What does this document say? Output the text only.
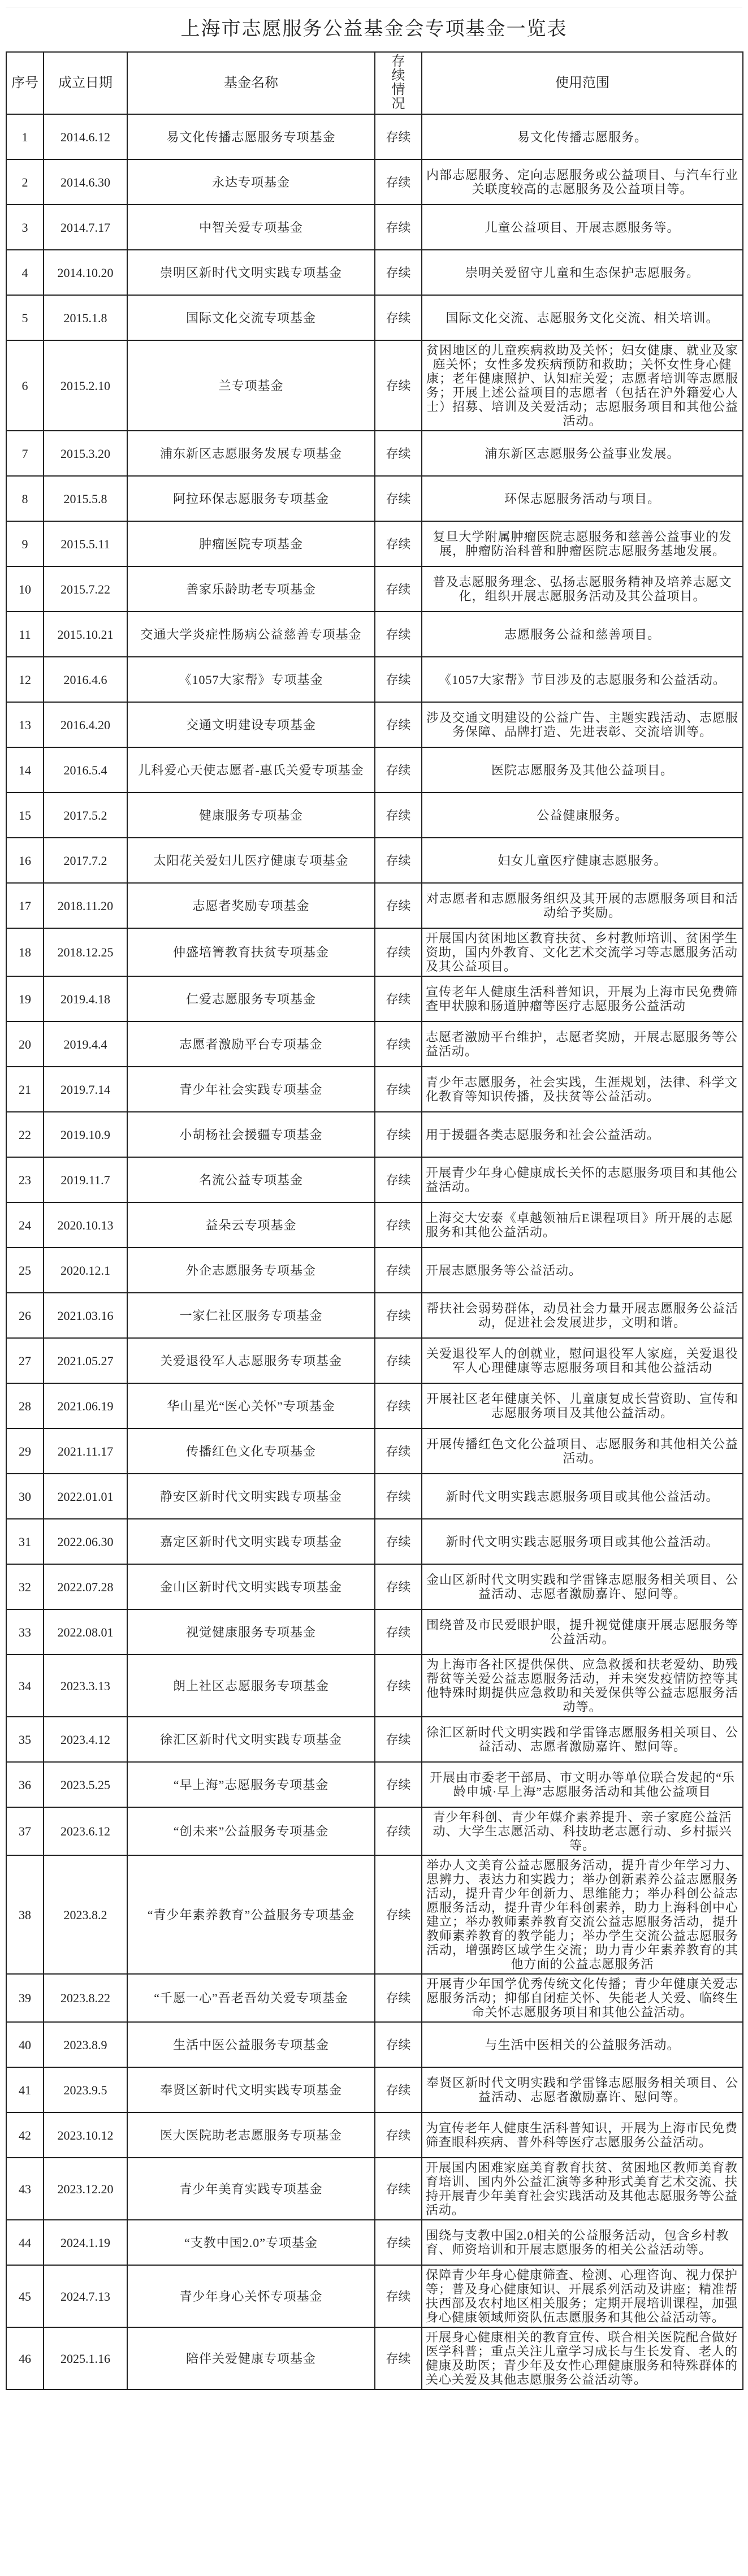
上海市志愿服务公益基金会专项基金一览表
序号	成立日期	基金名称	存续情况	使用范围
1	2014.6.12	易文化传播志愿服务专项基金	存续	易文化传播志愿服务。
2	2014.6.30	永达专项基金	存续	内部志愿服务、定向志愿服务或公益项目、与汽车行业关联度较高的志愿服务及公益项目等。
3	2014.7.17	中智关爱专项基金	存续	儿童公益项目、开展志愿服务等。
4	2014.10.20	崇明区新时代文明实践专项基金	存续	崇明关爱留守儿童和生态保护志愿服务。
5	2015.1.8	国际文化交流专项基金	存续	国际文化交流、志愿服务文化交流、相关培训。
6	2015.2.10	兰专项基金	存续	贫困地区的儿童疾病救助及关怀；妇女健康、就业及家庭关怀；女性多发疾病预防和救助；关怀女性身心健康；老年健康照护、认知症关爱；志愿者培训等志愿服务；开展上述公益项目的志愿者（包括在沪外籍爱心人士）招募、培训及关爱活动；志愿服务项目和其他公益活动。
7	2015.3.20	浦东新区志愿服务发展专项基金	存续	浦东新区志愿服务公益事业发展。
8	2015.5.8	阿拉环保志愿服务专项基金	存续	环保志愿服务活动与项目。
9	2015.5.11	肿瘤医院专项基金	存续	复旦大学附属肿瘤医院志愿服务和慈善公益事业的发展，肿瘤防治科普和肿瘤医院志愿服务基地发展。
10	2015.7.22	善家乐龄助老专项基金	存续	普及志愿服务理念、弘扬志愿服务精神及培养志愿文化，组织开展志愿服务活动及其公益项目。
11	2015.10.21	交通大学炎症性肠病公益慈善专项基金	存续	志愿服务公益和慈善项目。
12	2016.4.6	《1057大家帮》专项基金	存续	《1057大家帮》节目涉及的志愿服务和公益活动。
13	2016.4.20	交通文明建设专项基金	存续	涉及交通文明建设的公益广告、主题实践活动、志愿服务保障、品牌打造、先进表彰、交流培训等。
14	2016.5.4	儿科爱心天使志愿者-惠氏关爱专项基金	存续	医院志愿服务及其他公益项目。
15	2017.5.2	健康服务专项基金	存续	公益健康服务。
16	2017.7.2	太阳花关爱妇儿医疗健康专项基金	存续	妇女儿童医疗健康志愿服务。
17	2018.11.20	志愿者奖励专项基金	存续	对志愿者和志愿服务组织及其开展的志愿服务项目和活动给予奖励。
18	2018.12.25	仲盛培箐教育扶贫专项基金	存续	开展国内贫困地区教育扶贫、乡村教师培训、贫困学生资助，国内外教育、文化艺术交流学习等志愿服务活动及其公益项目。
19	2019.4.18	仁爱志愿服务专项基金	存续	宣传老年人健康生活科普知识，开展为上海市民免费筛查甲状腺和肠道肿瘤等医疗志愿服务公益活动
20	2019.4.4	志愿者激励平台专项基金	存续	志愿者激励平台维护，志愿者奖励，开展志愿服务等公益活动。
21	2019.7.14	青少年社会实践专项基金	存续	青少年志愿服务，社会实践，生涯规划，法律、科学文化教育等知识传播，及扶贫等公益活动。
22	2019.10.9	小胡杨社会援疆专项基金	存续	用于援疆各类志愿服务和社会公益活动。
23	2019.11.7	名流公益专项基金	存续	开展青少年身心健康成长关怀的志愿服务项目和其他公益活动。
24	2020.10.13	益朵云专项基金	存续	上海交大安泰《卓越领袖后E课程项目》所开展的志愿服务和其他公益活动。
25	2020.12.1	外企志愿服务专项基金	存续	开展志愿服务等公益活动。
26	2021.03.16	一家仁社区服务专项基金	存续	帮扶社会弱势群体，动员社会力量开展志愿服务公益活动，促进社会发展进步，文明和谐。
27	2021.05.27	关爱退役军人志愿服务专项基金	存续	关爱退役军人的创就业，慰问退役军人家庭，关爱退役军人心理健康等志愿服务项目和其他公益活动
28	2021.06.19	华山星光“医心关怀”专项基金	存续	开展社区老年健康关怀、儿童康复成长营资助、宣传和志愿服务项目及其他公益活动。
29	2021.11.17	传播红色文化专项基金	存续	开展传播红色文化公益项目、志愿服务和其他相关公益活动。
30	2022.01.01	静安区新时代文明实践专项基金	存续	新时代文明实践志愿服务项目或其他公益活动。
31	2022.06.30	嘉定区新时代文明实践专项基金	存续	新时代文明实践志愿服务项目或其他公益活动。
32	2022.07.28	金山区新时代文明实践专项基金	存续	金山区新时代文明实践和学雷锋志愿服务相关项目、公益活动、志愿者激励嘉许、慰问等。
33	2022.08.01	视觉健康服务专项基金	存续	围绕普及市民爱眼护眼，提升视觉健康开展志愿服务等公益活动。
34	2023.3.13	朗上社区志愿服务专项基金	存续	为上海市各社区提供保供、应急救援和扶老爱幼、助残帮贫等关爱公益志愿服务活动，并未突发疫情防控等其他特殊时期提供应急救助和关爱保供等公益志愿服务活动等。
35	2023.4.12	徐汇区新时代文明实践专项基金	存续	徐汇区新时代文明实践和学雷锋志愿服务相关项目、公益活动、志愿者激励嘉许、慰问等。
36	2023.5.25	“早上海”志愿服务专项基金	存续	开展由市委老干部局、市文明办等单位联合发起的“乐龄申城·早上海”志愿服务活动和其他公益项目
37	2023.6.12	“创未来”公益服务专项基金	存续	青少年科创、青少年媒介素养提升、亲子家庭公益活动、大学生志愿活动、科技助老志愿行动、乡村振兴等。
38	2023.8.2	“青少年素养教育”公益服务专项基金	存续	举办人文美育公益志愿服务活动，提升青少年学习力、思辨力、表达力和实践力；举办创新素养公益志愿服务活动，提升青少年创新力、思维能力；举办科创公益志愿服务活动，提升青少年科创素养，助力上海科创中心建立；举办教师素养教育交流公益志愿服务活动，提升教师素养教育的教学能力；举办学生交流公益志愿服务活动，增强跨区域学生交流；助力青少年素养教育的其他方面的公益志愿服务活
39	2023.8.22	“千愿一心”吾老吾幼关爱专项基金	存续	开展青少年国学优秀传统文化传播；青少年健康关爱志愿服务活动；抑郁自闭症关怀、失能老人关爱、临终生命关怀志愿服务项目和其他公益活动。
40	2023.8.9	生活中医公益服务专项基金	存续	与生活中医相关的公益服务活动。
41	2023.9.5	奉贤区新时代文明实践专项基金	存续	奉贤区新时代文明实践和学雷锋志愿服务相关项目、公益活动、志愿者激励嘉许、慰问等。
42	2023.10.12	医大医院助老志愿服务专项基金	存续	为宣传老年人健康生活科普知识，开展为上海市民免费筛查眼科疾病、普外科等医疗志愿服务公益活动。
43	2023.12.20	青少年美育实践专项基金	存续	开展国内困难家庭美育教育扶贫、贫困地区教师美育教育培训、国内外公益汇演等多种形式美育艺术交流、扶持开展青少年美育社会实践活动及其他志愿服务等公益活动。
44	2024.1.19	“支教中国2.0”专项基金	存续	围绕与支教中国2.0相关的公益服务活动，包含乡村教育、师资培训和开展志愿服务的相关公益活动等。
45	2024.7.13	青少年身心关怀专项基金	存续	保障青少年身心健康筛查、检测、心理咨询、视力保护等；普及身心健康知识、开展系列活动及讲座；精准帮扶西部及农村地区相关服务；定期开展培训课程，加强身心健康领域师资队伍志愿服务和其他公益活动等。
46	2025.1.16	陪伴关爱健康专项基金	存续	开展身心健康相关的教育宣传、联合相关医院配合做好医学科普；重点关注儿童学习成长与生长发育、老人的健康及助医；青少年及女性心理健康服务和特殊群体的关心关爱及其他志愿服务公益活动等。
